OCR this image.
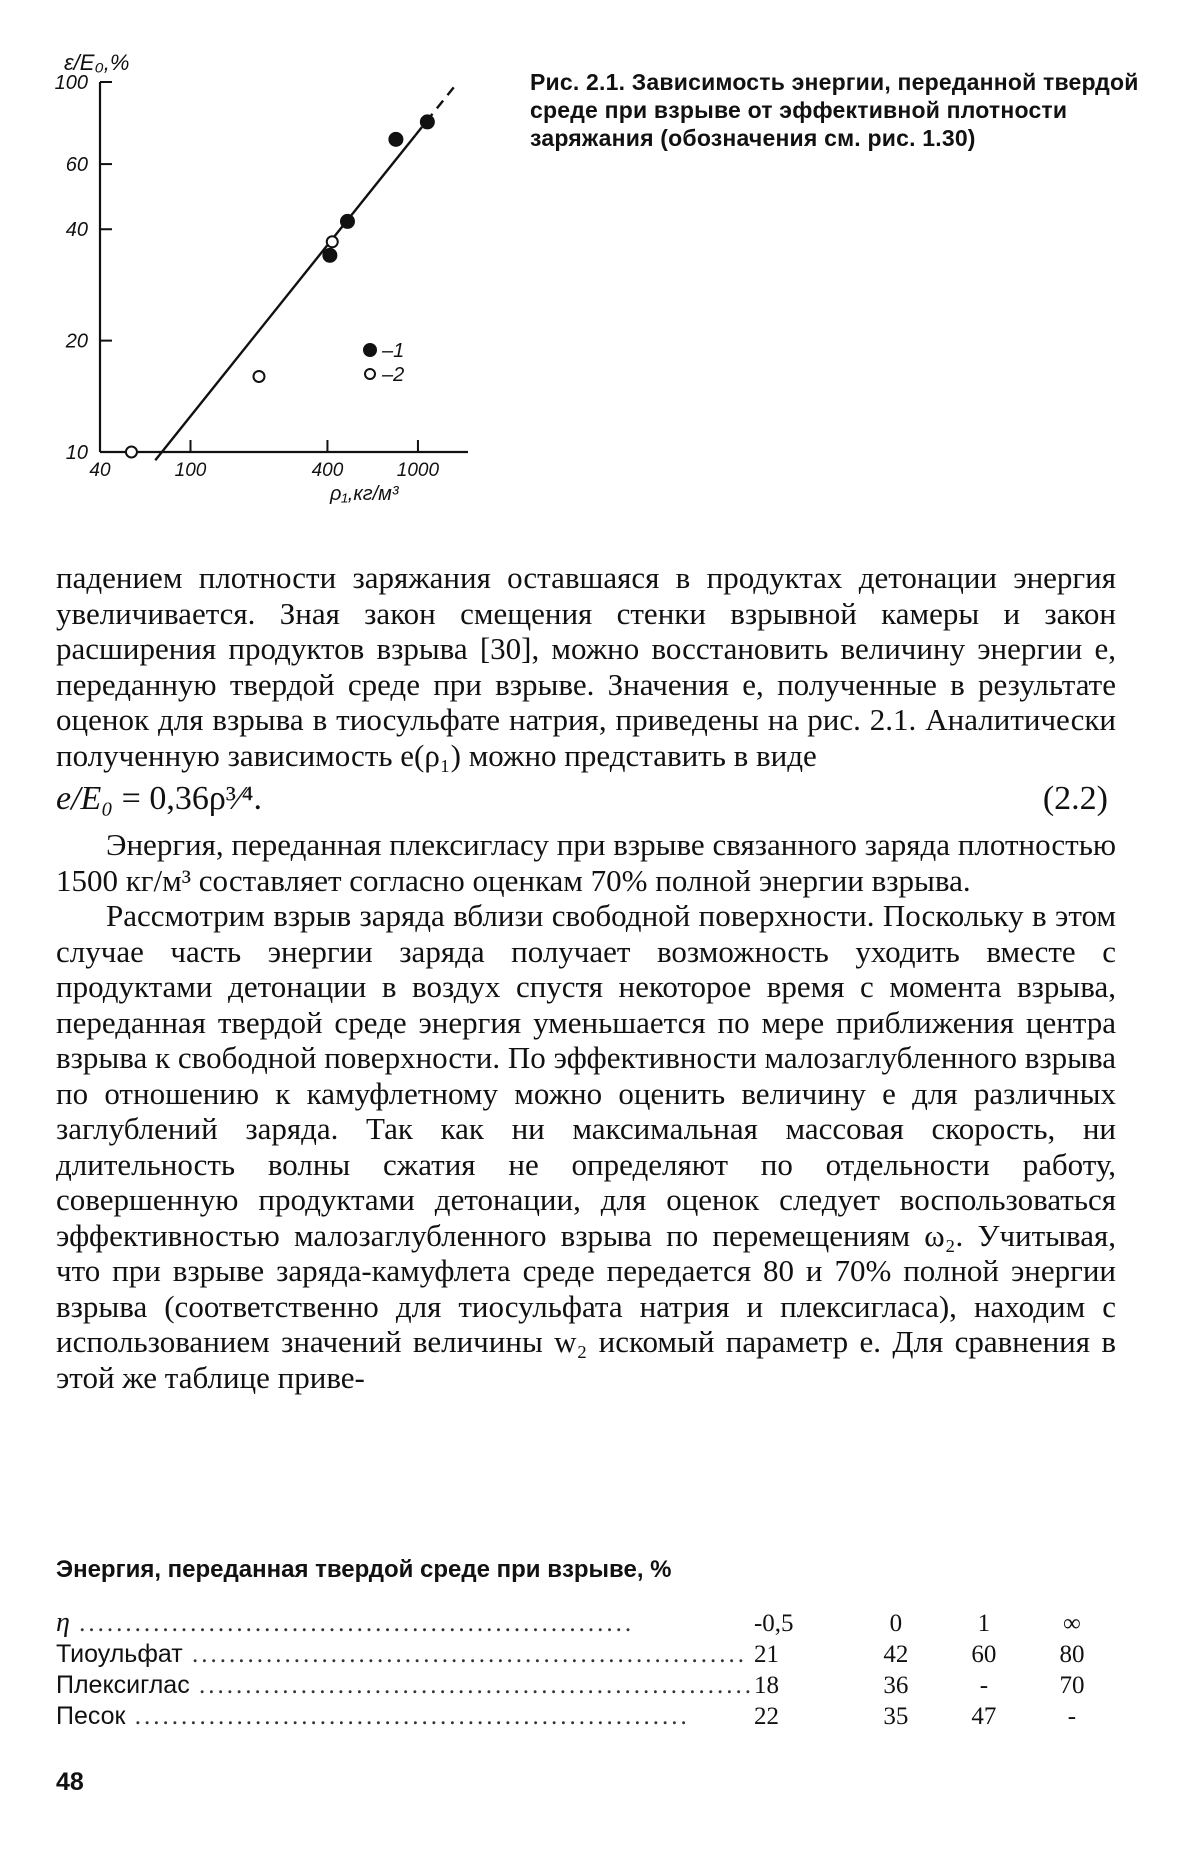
40	100	400	1000
100
60
40
20
10
–1
–2
ε/E₀,%
ρ₁,кг/м³
Рис. 2.1. Зависимость энергии, переданной твердой среде при взрыве от эффективной плотности заряжания (обозначения см. рис. 1.30)

падением плотности заряжания оставшаяся в продуктах детонации энергия увеличивается. Зная закон смещения стенки взрывной камеры и закон расширения продуктов взрыва [30], можно восстановить величину энергии е, переданную твердой среде при взрыве. Значения е, полученные в результате оценок для взрыва в тиосульфате натрия, приведены на рис. 2.1. Аналитически полученную зависимость е(ρ₁) можно представить в виде

e/E₀ = 0,36ρ³⁄⁴.	(2.2)

Энергия, переданная плексигласу при взрыве связанного заряда плотностью 1500 кг/м³ составляет согласно оценкам 70% полной энергии взрыва.

Рассмотрим взрыв заряда вблизи свободной поверхности. Поскольку в этом случае часть энергии заряда получает возможность уходить вместе с продуктами детонации в воздух спустя некоторое время с момента взрыва, переданная твердой среде энергия уменьшается по мере приближения центра взрыва к свободной поверхности. По эффективности малозаглубленного взрыва по отношению к камуфлетному можно оценить величину е для различных заглублений заряда. Так как ни максимальная массовая скорость, ни длительность волны сжатия не определяют по отдельности работу, совершенную продуктами детонации, для оценок следует воспользоваться эффективностью малозаглубленного взрыва по перемещениям ω₂. Учитывая, что при взрыве заряда-камуфлета среде передается 80 и 70% полной энергии взрыва (соответственно для тиосульфата натрия и плексигласа), находим с использованием значений величины w₂ искомый параметр е. Для сравнения в этой же таблице приве-

Энергия, переданная твердой среде при взрыве, %
η ............................................................	-0,5	0	1	∞
Тиоульфат ............................................................	21	42	60	80
Плексиглас ............................................................	18	36	-	70
Песок ............................................................	22	35	47	-
48
